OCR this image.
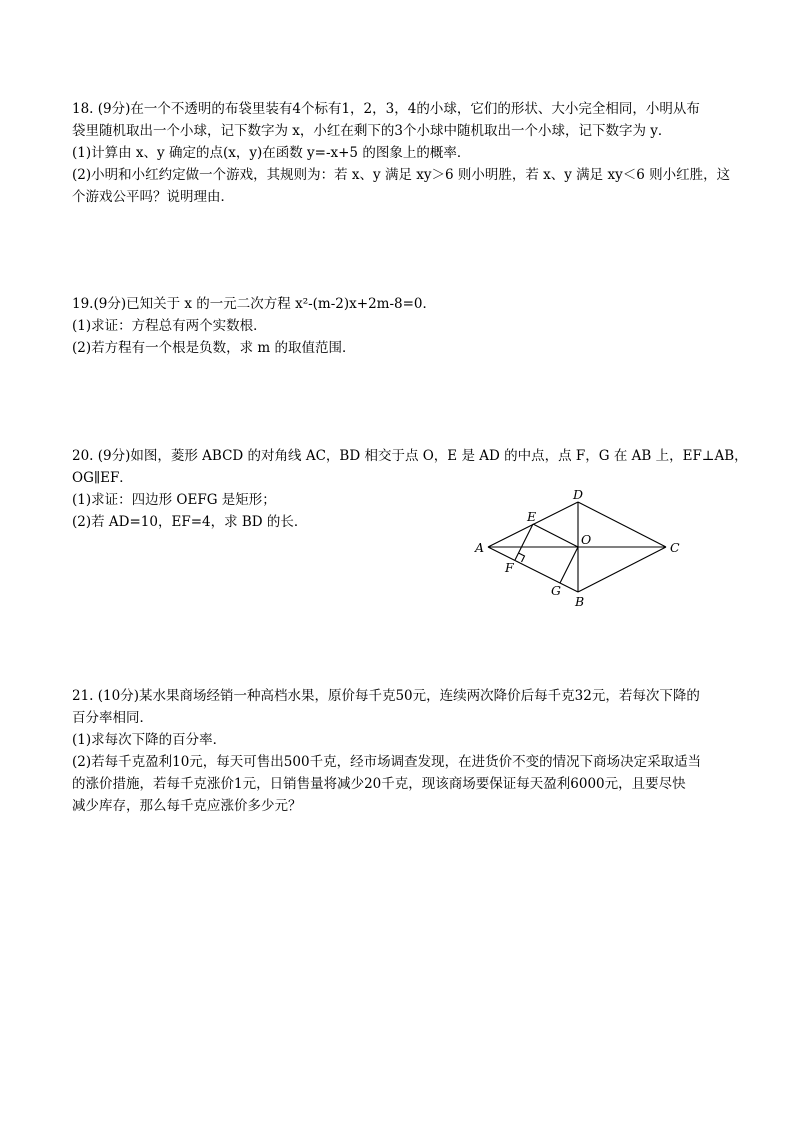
18. (9分)在一个不透明的布袋里装有4个标有1，2，3，4的小球，它们的形状、大小完全相同，小明从布
袋里随机取出一个小球，记下数字为 x，小红在剩下的3个小球中随机取出一个小球，记下数字为 y．
(1)计算由 x、y 确定的点(x，y)在函数 y=-x+5 的图象上的概率．
(2)小明和小红约定做一个游戏，其规则为：若 x、y 满足 xy＞6 则小明胜，若 x、y 满足 xy＜6 则小红胜，这
个游戏公平吗？说明理由．
19.(9分)已知关于 x 的一元二次方程 x²-(m-2)x+2m-8=0．
(1)求证：方程总有两个实数根．
(2)若方程有一个根是负数，求 m 的取值范围．
20. (9分)如图，菱形 ABCD 的对角线 AC，BD 相交于点 O，E 是 AD 的中点，点 F，G 在 AB 上，EF⊥AB，
OG∥EF．
(1)求证：四边形 OEFG 是矩形；
(2)若 AD=10，EF=4，求 BD 的长．
A
D
C
B
E
F
G
O
21. (10分)某水果商场经销一种高档水果，原价每千克50元，连续两次降价后每千克32元，若每次下降的
百分率相同．
(1)求每次下降的百分率．
(2)若每千克盈利10元，每天可售出500千克，经市场调查发现，在进货价不变的情况下商场决定采取适当
的涨价措施，若每千克涨价1元，日销售量将减少20千克，现该商场要保证每天盈利6000元，且要尽快
减少库存，那么每千克应涨价多少元？
